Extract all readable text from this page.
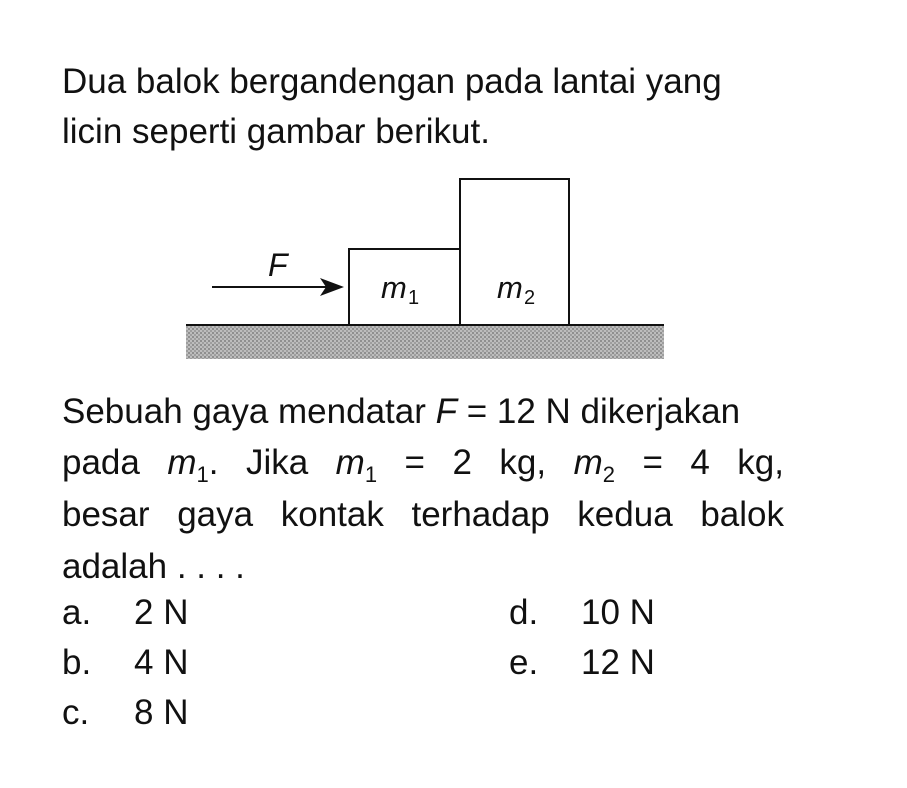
Dua balok bergandengan pada lantai yang
licin seperti gambar berikut.
F
m 1	m 2
Sebuah gaya mendatar F = 12 N dikerjakan
pada $m_1$. Jika $m_1 = 2$ kg, $m_2 = 4$ kg,
besar gaya kontak terhadap kedua balok
adalah . . . .
a. 2 N
b. 4 N
c. 8 N
d. 10 N
e. 12 N
